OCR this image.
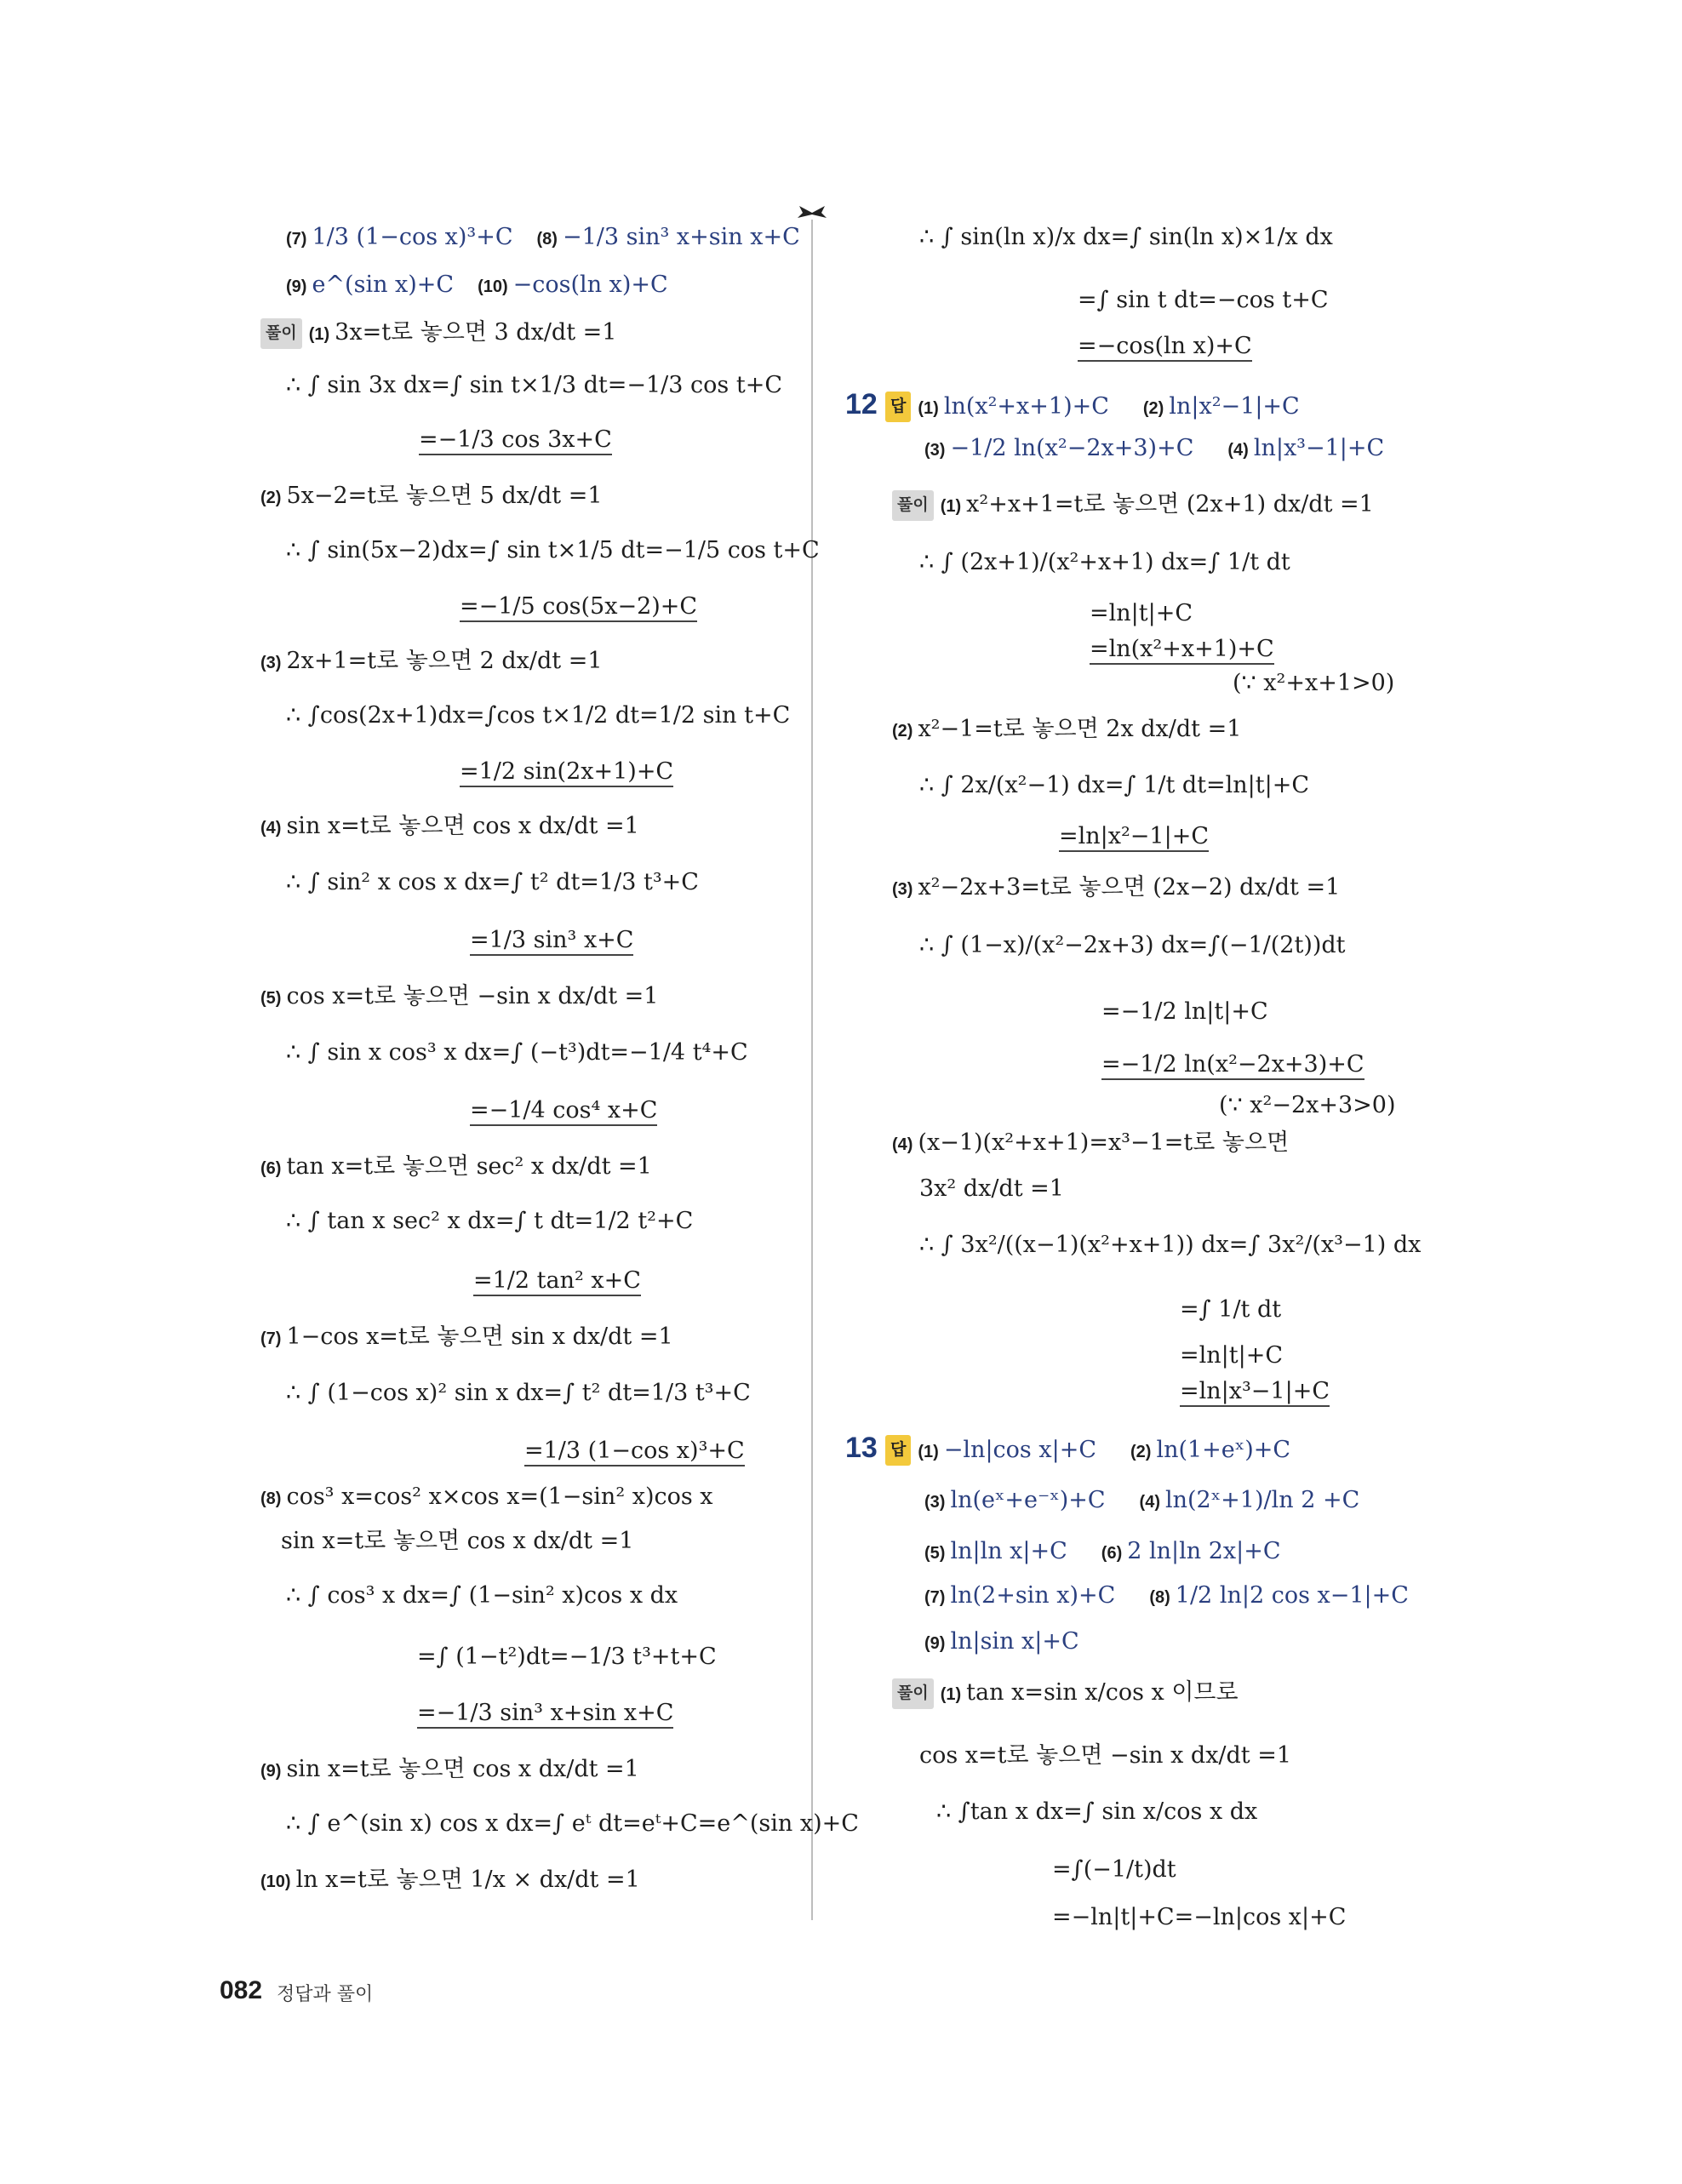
(7) 1/3 (1−cos x)³+C (8) −1/3 sin³ x+sin x+C
(9) e^(sin x)+C (10) −cos(ln x)+C
풀이 (1) 3x=t로 놓으면 3 dx/dt =1
∴ ∫ sin 3x dx=∫ sin t×1/3 dt=−1/3 cos t+C
=−1/3 cos 3x+C
(2) 5x−2=t로 놓으면 5 dx/dt =1
∴ ∫ sin(5x−2)dx=∫ sin t×1/5 dt=−1/5 cos t+C
=−1/5 cos(5x−2)+C
(3) 2x+1=t로 놓으면 2 dx/dt =1
∴ ∫cos(2x+1)dx=∫cos t×1/2 dt=1/2 sin t+C
=1/2 sin(2x+1)+C
(4) sin x=t로 놓으면 cos x dx/dt =1
∴ ∫ sin² x cos x dx=∫ t² dt=1/3 t³+C
=1/3 sin³ x+C
(5) cos x=t로 놓으면 −sin x dx/dt =1
∴ ∫ sin x cos³ x dx=∫ (−t³)dt=−1/4 t⁴+C
=−1/4 cos⁴ x+C
(6) tan x=t로 놓으면 sec² x dx/dt =1
∴ ∫ tan x sec² x dx=∫ t dt=1/2 t²+C
=1/2 tan² x+C
(7) 1−cos x=t로 놓으면 sin x dx/dt =1
∴ ∫ (1−cos x)² sin x dx=∫ t² dt=1/3 t³+C
=1/3 (1−cos x)³+C
(8) cos³ x=cos² x×cos x=(1−sin² x)cos x
sin x=t로 놓으면 cos x dx/dt =1
∴ ∫ cos³ x dx=∫ (1−sin² x)cos x dx
=∫ (1−t²)dt=−1/3 t³+t+C
=−1/3 sin³ x+sin x+C
(9) sin x=t로 놓으면 cos x dx/dt =1
∴ ∫ e^(sin x) cos x dx=∫ eᵗ dt=eᵗ+C=e^(sin x)+C
(10) ln x=t로 놓으면 1/x × dx/dt =1
∴ ∫ sin(ln x)/x dx=∫ sin(ln x)×1/x dx
=∫ sin t dt=−cos t+C
=−cos(ln x)+C
12 답 (1) ln(x²+x+1)+C (2) ln|x²−1|+C
(3) −1/2 ln(x²−2x+3)+C (4) ln|x³−1|+C
풀이 (1) x²+x+1=t로 놓으면 (2x+1) dx/dt =1
∴ ∫ (2x+1)/(x²+x+1) dx=∫ 1/t dt
=ln|t|+C
=ln(x²+x+1)+C
(∵ x²+x+1>0)
(2) x²−1=t로 놓으면 2x dx/dt =1
∴ ∫ 2x/(x²−1) dx=∫ 1/t dt=ln|t|+C
=ln|x²−1|+C
(3) x²−2x+3=t로 놓으면 (2x−2) dx/dt =1
∴ ∫ (1−x)/(x²−2x+3) dx=∫(−1/(2t))dt
=−1/2 ln|t|+C
=−1/2 ln(x²−2x+3)+C
(∵ x²−2x+3>0)
(4) (x−1)(x²+x+1)=x³−1=t로 놓으면
3x² dx/dt =1
∴ ∫ 3x²/((x−1)(x²+x+1)) dx=∫ 3x²/(x³−1) dx
=∫ 1/t dt
=ln|t|+C
=ln|x³−1|+C
13 답 (1) −ln|cos x|+C (2) ln(1+eˣ)+C
(3) ln(eˣ+e⁻ˣ)+C (4) ln(2ˣ+1)/ln 2 +C
(5) ln|ln x|+C (6) 2 ln|ln 2x|+C
(7) ln(2+sin x)+C (8) 1/2 ln|2 cos x−1|+C
(9) ln|sin x|+C
풀이 (1) tan x=sin x/cos x 이므로
cos x=t로 놓으면 −sin x dx/dt =1
∴ ∫tan x dx=∫ sin x/cos x dx
=∫(−1/t)dt
=−ln|t|+C=−ln|cos x|+C
082 정답과 풀이
